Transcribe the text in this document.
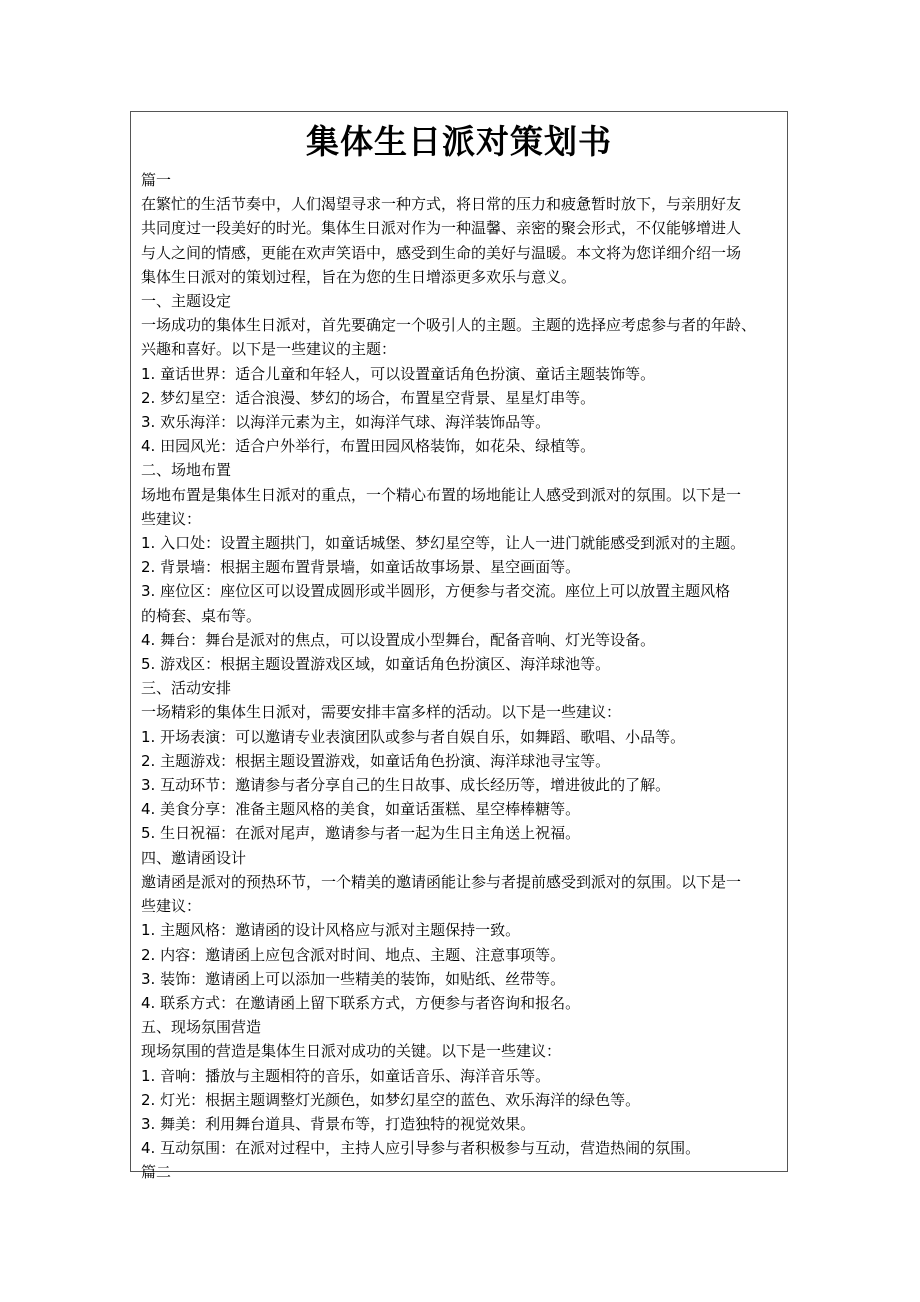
集体生日派对策划书
篇一
在繁忙的生活节奏中，人们渴望寻求一种方式，将日常的压力和疲惫暂时放下，与亲朋好友
共同度过一段美好的时光。集体生日派对作为一种温馨、亲密的聚会形式，不仅能够增进人
与人之间的情感，更能在欢声笑语中，感受到生命的美好与温暖。本文将为您详细介绍一场
集体生日派对的策划过程，旨在为您的生日增添更多欢乐与意义。
一、主题设定
一场成功的集体生日派对，首先要确定一个吸引人的主题。主题的选择应考虑参与者的年龄、
兴趣和喜好。以下是一些建议的主题：
1. 童话世界：适合儿童和年轻人，可以设置童话角色扮演、童话主题装饰等。
2. 梦幻星空：适合浪漫、梦幻的场合，布置星空背景、星星灯串等。
3. 欢乐海洋：以海洋元素为主，如海洋气球、海洋装饰品等。
4. 田园风光：适合户外举行，布置田园风格装饰，如花朵、绿植等。
二、场地布置
场地布置是集体生日派对的重点，一个精心布置的场地能让人感受到派对的氛围。以下是一
些建议：
1. 入口处：设置主题拱门，如童话城堡、梦幻星空等，让人一进门就能感受到派对的主题。
2. 背景墙：根据主题布置背景墙，如童话故事场景、星空画面等。
3. 座位区：座位区可以设置成圆形或半圆形，方便参与者交流。座位上可以放置主题风格
的椅套、桌布等。
4. 舞台：舞台是派对的焦点，可以设置成小型舞台，配备音响、灯光等设备。
5. 游戏区：根据主题设置游戏区域，如童话角色扮演区、海洋球池等。
三、活动安排
一场精彩的集体生日派对，需要安排丰富多样的活动。以下是一些建议：
1. 开场表演：可以邀请专业表演团队或参与者自娱自乐，如舞蹈、歌唱、小品等。
2. 主题游戏：根据主题设置游戏，如童话角色扮演、海洋球池寻宝等。
3. 互动环节：邀请参与者分享自己的生日故事、成长经历等，增进彼此的了解。
4. 美食分享：准备主题风格的美食，如童话蛋糕、星空棒棒糖等。
5. 生日祝福：在派对尾声，邀请参与者一起为生日主角送上祝福。
四、邀请函设计
邀请函是派对的预热环节，一个精美的邀请函能让参与者提前感受到派对的氛围。以下是一
些建议：
1. 主题风格：邀请函的设计风格应与派对主题保持一致。
2. 内容：邀请函上应包含派对时间、地点、主题、注意事项等。
3. 装饰：邀请函上可以添加一些精美的装饰，如贴纸、丝带等。
4. 联系方式：在邀请函上留下联系方式，方便参与者咨询和报名。
五、现场氛围营造
现场氛围的营造是集体生日派对成功的关键。以下是一些建议：
1. 音响：播放与主题相符的音乐，如童话音乐、海洋音乐等。
2. 灯光：根据主题调整灯光颜色，如梦幻星空的蓝色、欢乐海洋的绿色等。
3. 舞美：利用舞台道具、背景布等，打造独特的视觉效果。
4. 互动氛围：在派对过程中，主持人应引导参与者积极参与互动，营造热闹的氛围。
篇二
